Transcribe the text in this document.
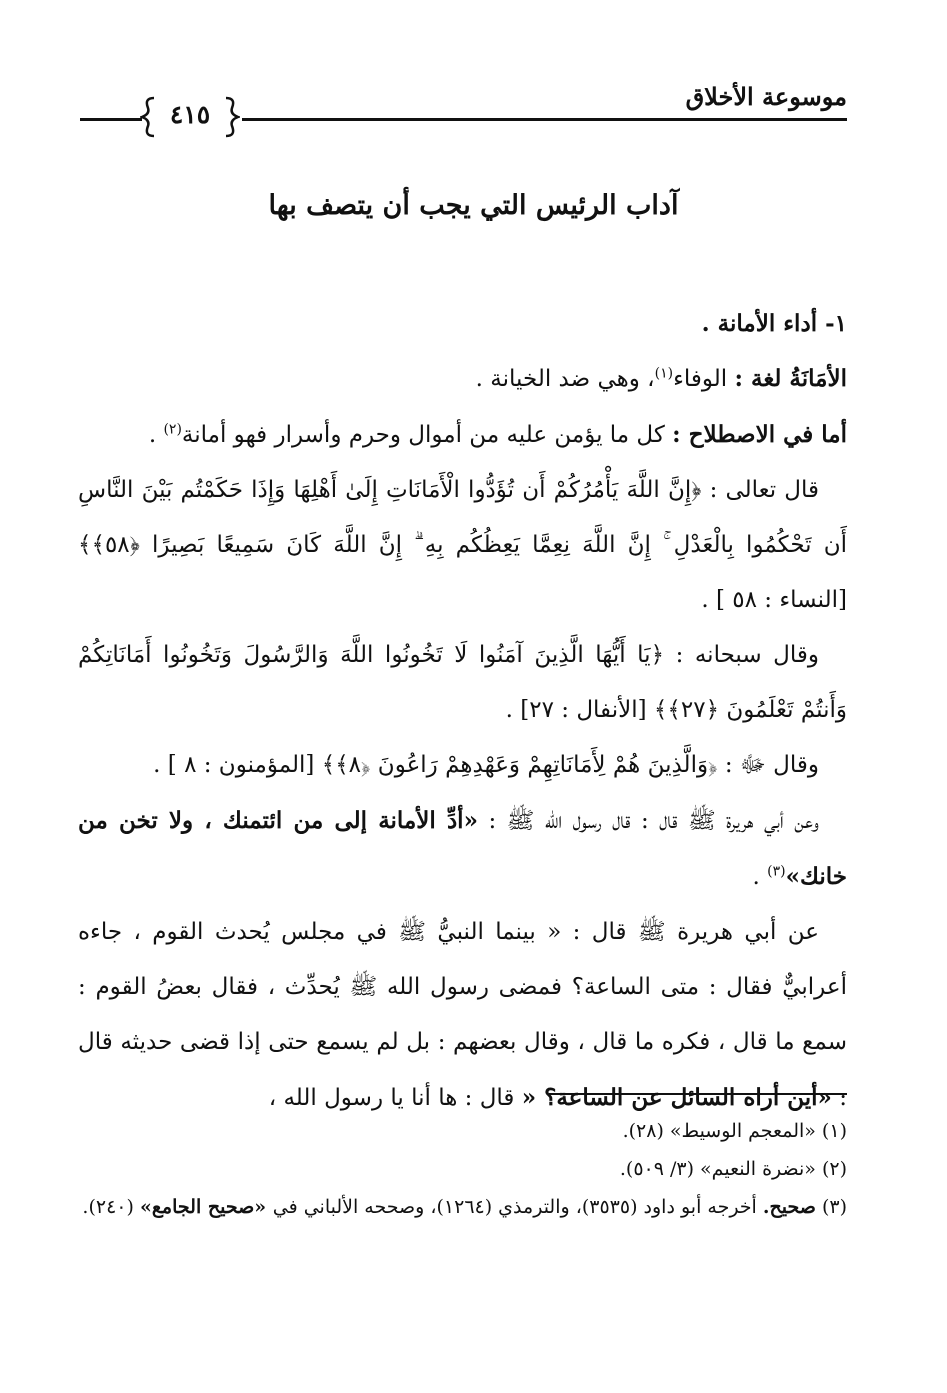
موسوعة الأخلاق
٤١٥
آداب الرئيس التي يجب أن يتصف بها

١- أداء الأمانة .

الأمَانَةُ لغة : الوفاء$^{(١)}$، وهي ضد الخيانة .

أما في الاصطلاح : كل ما يؤمن عليه من أموال وحرم وأسرار فهو أمانة$^{(٢)}$ .

قال تعالى : ﴿إِنَّ اللَّهَ يَأْمُرُكُمْ أَن تُؤَدُّوا الْأَمَانَاتِ إِلَىٰ أَهْلِهَا وَإِذَا حَكَمْتُم بَيْنَ النَّاسِ أَن تَحْكُمُوا بِالْعَدْلِ ۚ إِنَّ اللَّهَ نِعِمَّا يَعِظُكُم بِهِ ۗ إِنَّ اللَّهَ كَانَ سَمِيعًا بَصِيرًا ﴿٥٨﴾﴾ [النساء : ٥٨ ] .

وقال سبحانه : ﴿يَا أَيُّهَا الَّذِينَ آمَنُوا لَا تَخُونُوا اللَّهَ وَالرَّسُولَ وَتَخُونُوا أَمَانَاتِكُمْ وَأَنتُمْ تَعْلَمُونَ ﴿٢٧﴾﴾ [الأنفال : ٢٧] .

وقال ﷻ : ﴿وَالَّذِينَ هُمْ لِأَمَانَاتِهِمْ وَعَهْدِهِمْ رَاعُونَ ﴿٨﴾﴾ [المؤمنون : ٨ ] .

وعن أبي هريرة ﷺ قال : قال رسول الله ﷺ : «أدِّ الأمانة إلى من ائتمنك ، ولا تخن من خانك»$^{(٣)}$ .

عن أبي هريرة ﷺ قال : « بينما النبيُّ ﷺ في مجلس يُحدث القوم ، جاءه أعرابيٌّ فقال : متى الساعة؟ فمضى رسول الله ﷺ يُحدِّث ، فقال بعضُ القوم : سمع ما قال ، فكره ما قال ، وقال بعضهم : بل لم يسمع حتى إذا قضى حديثه قال : «أين أراه السائل عن الساعة؟ « قال : ها أنا يا رسول الله ،

(١) «المعجم الوسيط» (٢٨).

(٢) «نضرة النعيم» (٣/ ٥٠٩).

(٣) صحيح. أخرجه أبو داود (٣٥٣٥)، والترمذي (١٢٦٤)، وصححه الألباني في «صحيح الجامع» (٢٤٠).
